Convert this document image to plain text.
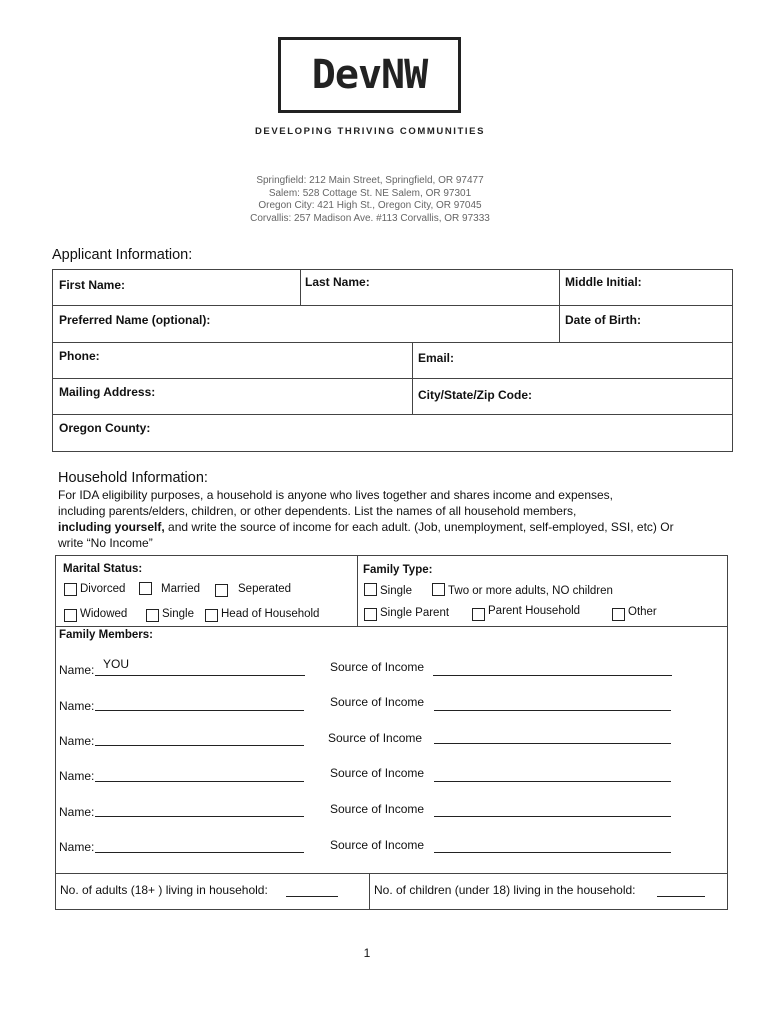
DevNW
DEVELOPING THRIVING COMMUNITIES
Springfield: 212 Main Street, Springfield, OR 97477
Salem: 528 Cottage St. NE Salem, OR 97301
Oregon City: 421 High St., Oregon City, OR 97045
Corvallis: 257 Madison Ave. #113 Corvallis, OR 97333
Applicant Information:
First Name:	Last Name:	Middle Initial:
Preferred Name (optional):	Date of Birth:
Phone:	Email:
Mailing Address:	City/State/Zip Code:
Oregon County:
Household Information:
For IDA eligibility purposes, a household is anyone who lives together and shares income and expenses,
including parents/elders, children, or other dependents. List the names of all household members,
including yourself, and write the source of income for each adult. (Job, unemployment, self-employed, SSI, etc) Or
write “No Income”
Marital Status:
Divorced	Married	Seperated
Widowed	Single Head of Household
Family Type:
Single	Two or more adults, NO children
Single Parent	Parent Household	Other
Family Members:
Name: YOU	Source of Income
Name:	Source of Income
Name:	Source of Income
Name:	Source of Income
Name:	Source of Income
Name:	Source of Income
No. of adults (18+ ) living in household:	No. of children (under 18) living in the household:
1
